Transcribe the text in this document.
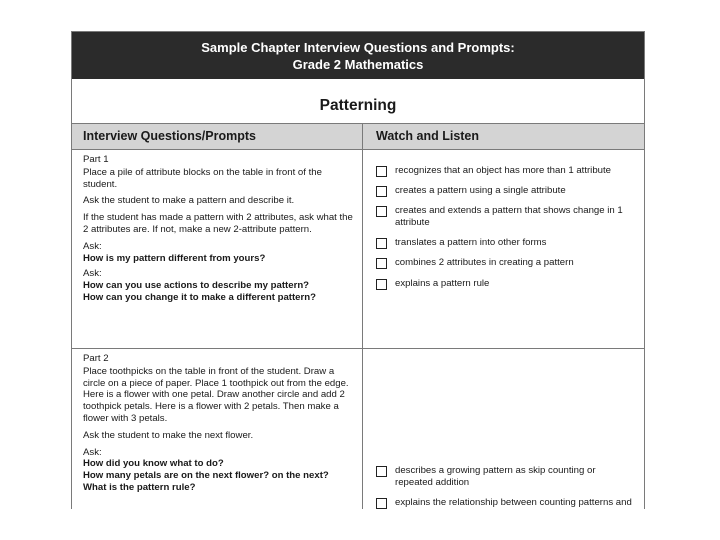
Sample Chapter Interview Questions and Prompts:
Grade 2 Mathematics
Patterning
Interview Questions/Prompts	Watch and Listen

Part 1

Place a pile of attribute blocks on the table in front of the student.

Ask the student to make a pattern and describe it.

If the student has made a pattern with 2 attributes, ask what the 2 attributes are. If not, make a new 2-attribute pattern.

Ask:
How is my pattern different from yours?

Ask:
How can you use actions to describe my pattern?
How can you change it to make a different pattern?

recognizes that an object has more than 1 attribute
creates a pattern using a single attribute
creates and extends a pattern that shows change in 1 attribute
translates a pattern into other forms
combines 2 attributes in creating a pattern
explains a pattern rule

Part 2

Place toothpicks on the table in front of the student. Draw a circle on a piece of paper. Place 1 toothpick out from the edge. Here is a flower with one petal. Draw another circle and add 2 toothpick petals. Here is a flower with 2 petals. Then make a flower with 3 petals.

Ask the student to make the next flower.

Ask:
How did you know what to do?
How many petals are on the next flower? on the next?
What is the pattern rule?

describes a growing pattern as skip counting or repeated addition
explains the relationship between counting patterns and
